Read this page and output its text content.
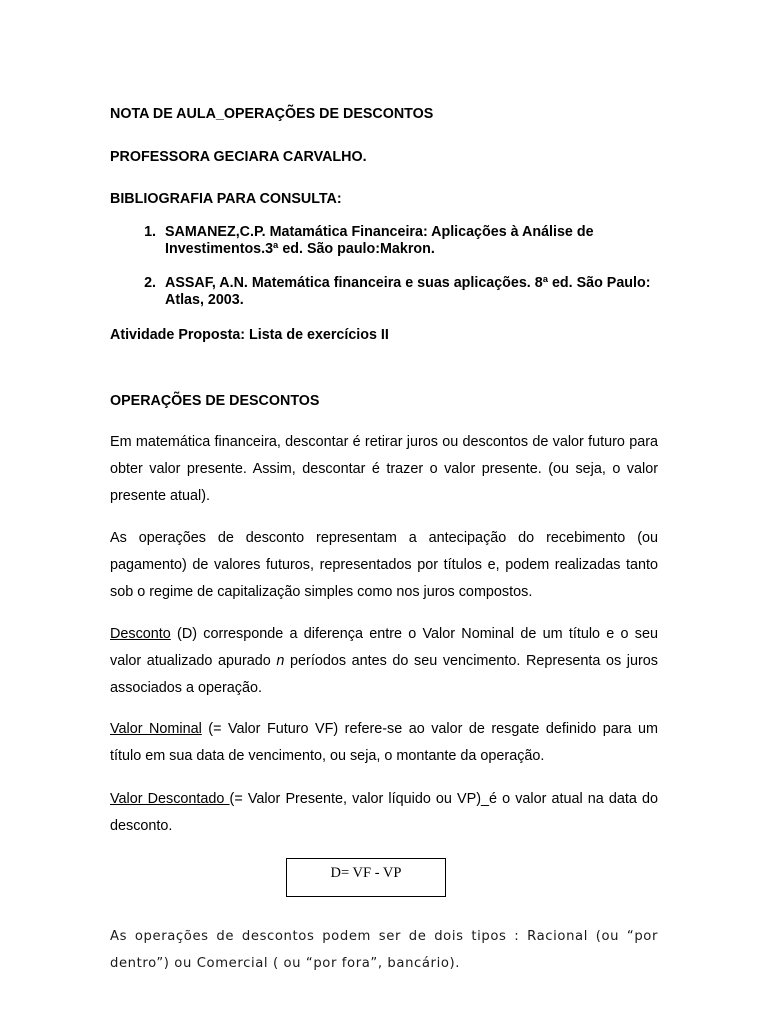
NOTA DE AULA_OPERAÇÕES DE DESCONTOS

PROFESSORA GECIARA CARVALHO.

BIBLIOGRAFIA PARA CONSULTA:

1. SAMANEZ,C.P. Matamática Financeira: Aplicações à Análise de Investimentos.3ª ed. São paulo:Makron.
2. ASSAF, A.N. Matemática financeira e suas aplicações. 8ª ed. São Paulo: Atlas, 2003.

Atividade Proposta: Lista de exercícios II

OPERAÇÕES DE DESCONTOS

Em matemática financeira, descontar é retirar juros ou descontos de valor futuro para obter valor presente. Assim, descontar é trazer o valor presente. (ou seja, o valor presente atual).

As operações de desconto representam a antecipação do recebimento (ou pagamento) de valores futuros, representados por títulos e, podem realizadas tanto sob o regime de capitalização simples como nos juros compostos.

Desconto (D) corresponde a diferença entre o Valor Nominal de um título e o seu valor atualizado apurado n períodos antes do seu vencimento. Representa os juros associados a operação.

Valor Nominal (= Valor Futuro VF) refere-se ao valor de resgate definido para um título em sua data de vencimento, ou seja, o montante da operação.

Valor Descontado (= Valor Presente, valor líquido ou VP)_é o valor atual na data do desconto.

D= VF - VP

As operações de descontos podem ser de dois tipos : Racional (ou “por dentro”) ou Comercial ( ou “por fora”, bancário).
